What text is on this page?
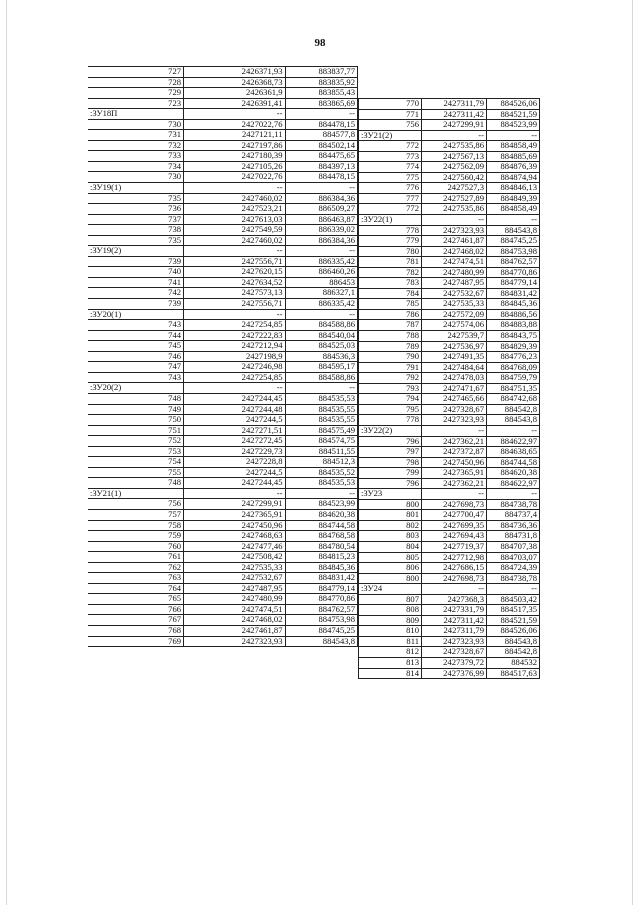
98
727	2426371,93	883837,77
728	2426368,73	883835,92
729	2426361,9	883855,43
723	2426391,41	883865,69
:ЗУ18П	--	--
730	2427022,76	884478,15
731	2427121,11	884577,8
732	2427197,86	884502,14
733	2427180,39	884475,65
734	2427105,26	884397,13
730	2427022,76	884478,15
:ЗУ19(1)	--	--
735	2427460,02	886384,36
736	2427523,21	886509,27
737	2427613,03	886463,87
738	2427549,59	886339,02
735	2427460,02	886384,36
:ЗУ19(2)	--	--
739	2427556,71	886335,42
740	2427620,15	886460,26
741	2427634,52	886453
742	2427573,13	886327,1
739	2427556,71	886335,42
:ЗУ20(1)	--	--
743	2427254,85	884588,86
744	2427222,83	884540,04
745	2427212,94	884525,03
746	2427198,9	884536,3
747	2427246,98	884595,17
743	2427254,85	884588,86
:ЗУ20(2)	--	--
748	2427244,45	884535,53
749	2427244,48	884535,55
750	2427244,5	884535,55
751	2427271,51	884575,49
752	2427272,45	884574,75
753	2427229,73	884511,55
754	2427228,8	884512,3
755	2427244,5	884535,52
748	2427244,45	884535,53
:ЗУ21(1)	--	--
756	2427299,91	884523,99
757	2427365,91	884620,38
758	2427450,96	884744,58
759	2427468,63	884768,58
760	2427477,46	884780,54
761	2427508,42	884815,23
762	2427535,33	884845,36
763	2427532,67	884831,42
764	2427487,95	884779,14
765	2427480,99	884770,86
766	2427474,51	884762,57
767	2427468,02	884753,98
768	2427461,87	884745,25
769	2427323,93	884543,8
770	2427311,79	884526,06
771	2427311,42	884521,59
756	2427299,91	884523,99
:ЗУ21(2)	--	--
772	2427535,86	884858,49
773	2427567,13	884885,69
774	2427562,09	884876,39
775	2427560,42	884874,94
776	2427527,3	884846,13
777	2427527,89	884849,39
772	2427535,86	884858,49
:ЗУ22(1)	--	--
778	2427323,93	884543,8
779	2427461,87	884745,25
780	2427468,02	884753,98
781	2427474,51	884762,57
782	2427480,99	884770,86
783	2427487,95	884779,14
784	2427532,67	884831,42
785	2427535,33	884845,36
786	2427572,09	884886,56
787	2427574,06	884883,88
788	2427539,7	884843,75
789	2427536,97	884829,39
790	2427491,35	884776,23
791	2427484,64	884768,09
792	2427478,03	884759,79
793	2427471,67	884751,35
794	2427465,66	884742,68
795	2427328,67	884542,8
778	2427323,93	884543,8
:ЗУ22(2)	--	--
796	2427362,21	884622,97
797	2427372,87	884638,65
798	2427450,96	884744,58
799	2427365,91	884620,38
796	2427362,21	884622,97
:ЗУ23	--	--
800	2427698,73	884738,78
801	2427700,47	884737,4
802	2427699,35	884736,36
803	2427694,43	884731,8
804	2427719,37	884707,38
805	2427712,98	884703,07
806	2427686,15	884724,39
800	2427698,73	884738,78
:ЗУ24	--	--
807	2427368,3	884503,42
808	2427331,79	884517,35
809	2427311,42	884521,59
810	2427311,79	884526,06
811	2427323,93	884543,8
812	2427328,67	884542,8
813	2427379,72	884532
814	2427376,99	884517,63
